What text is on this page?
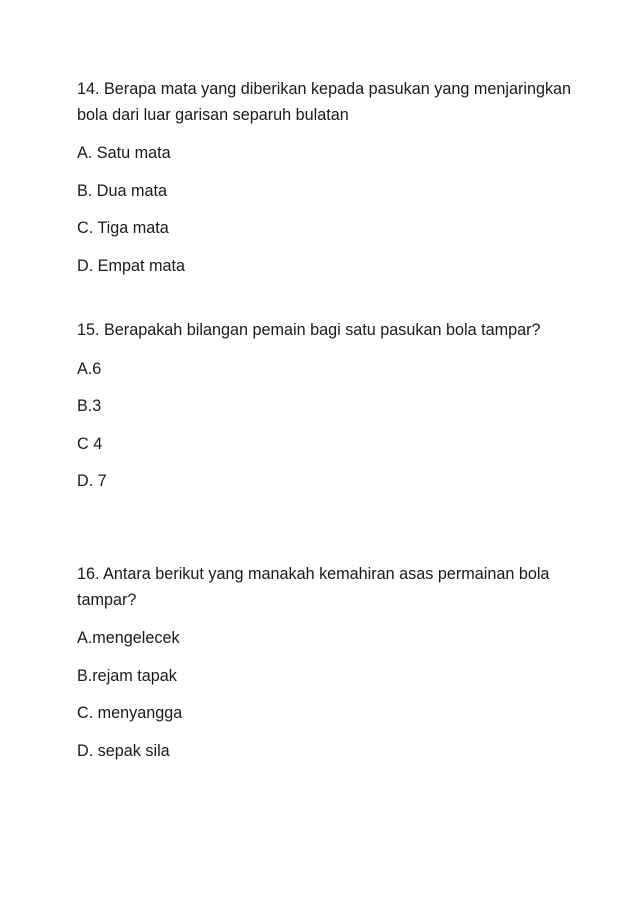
14. Berapa mata yang diberikan kepada pasukan yang menjaringkan bola dari luar garisan separuh bulatan

A. Satu mata
B. Dua mata
C. Tiga mata
D. Empat mata

15. Berapakah bilangan pemain bagi satu pasukan bola tampar?

A.6
B.3
C 4
D. 7

16. Antara berikut yang manakah kemahiran asas permainan bola tampar?

A.mengelecek
B.rejam tapak
C. menyangga
D. sepak sila
